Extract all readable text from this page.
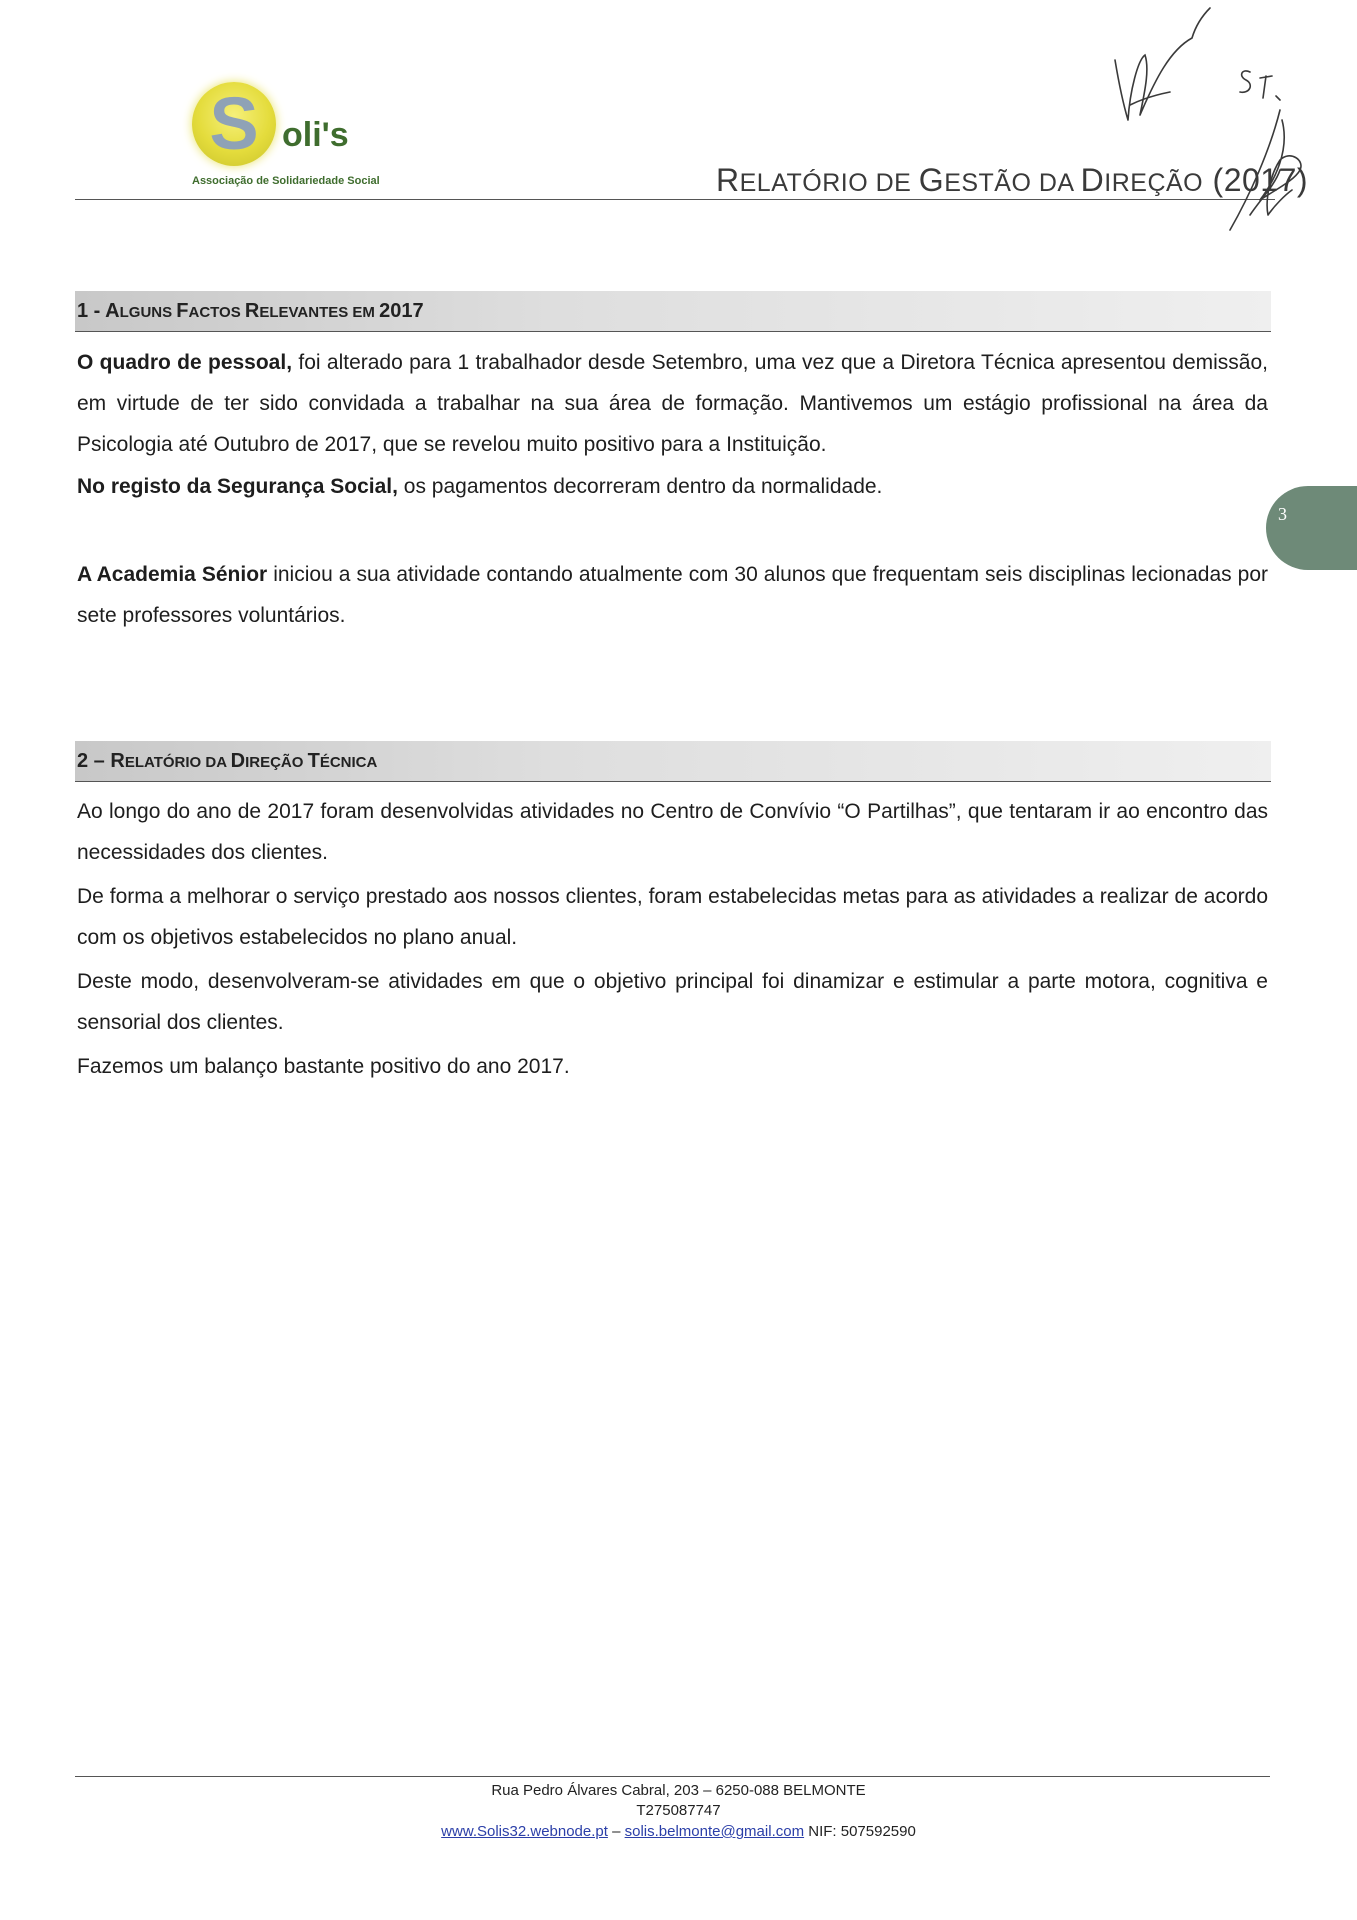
S oli's
Associação de Solidariedade Social	RELATÓRIO DE GESTÃO DA DIREÇÃO (2017)
3
1 - ALGUNS FACTOS RELEVANTES EM 2017
O quadro de pessoal, foi alterado para 1 trabalhador desde Setembro, uma vez que a Diretora Técnica apresentou demissão, em virtude de ter sido convidada a trabalhar na sua área de formação. Mantivemos um estágio profissional na área da Psicologia até Outubro de 2017, que se revelou muito positivo para a Instituição.
No registo da Segurança Social, os pagamentos decorreram dentro da normalidade.
A Academia Sénior iniciou a sua atividade contando atualmente com 30 alunos que frequentam seis disciplinas lecionadas por sete professores voluntários.
2 – RELATÓRIO DA DIREÇÃO TÉCNICA
Ao longo do ano de 2017 foram desenvolvidas atividades no Centro de Convívio “O Partilhas”, que tentaram ir ao encontro das necessidades dos clientes.
De forma a melhorar o serviço prestado aos nossos clientes, foram estabelecidas metas para as atividades a realizar de acordo com os objetivos estabelecidos no plano anual.
Deste modo, desenvolveram-se atividades em que o objetivo principal foi dinamizar e estimular a parte motora, cognitiva e sensorial dos clientes.
Fazemos um balanço bastante positivo do ano 2017.
Rua Pedro Álvares Cabral, 203 – 6250-088 BELMONTE
T275087747
www.Solis32.webnode.pt – solis.belmonte@gmail.com NIF: 507592590
